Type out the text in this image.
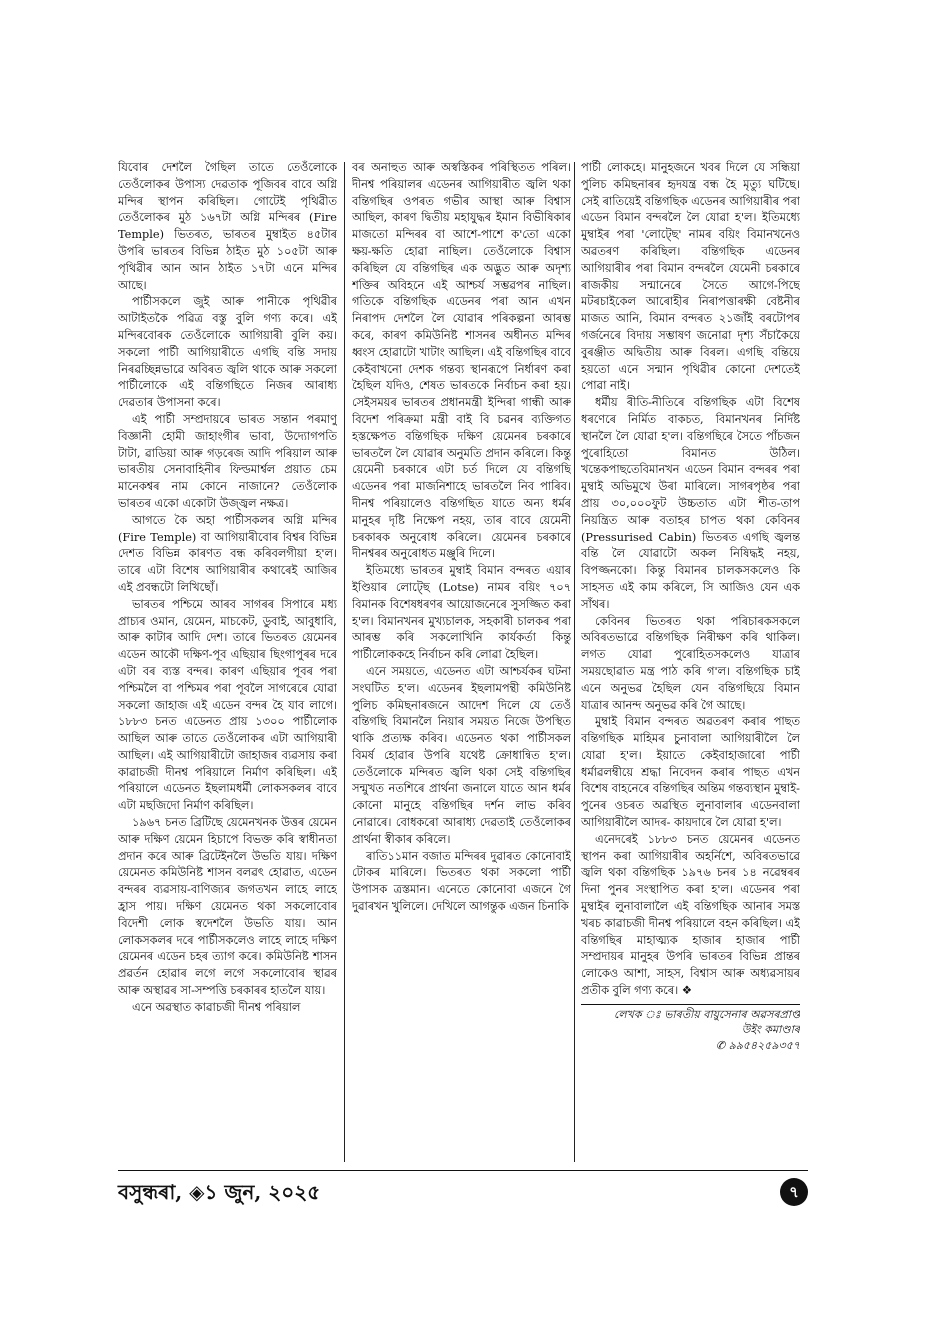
যিবোৰ দেশলৈ গৈছিল তাতে তেওঁলোকে তেওঁলোকৰ উপাস্য দেৱতাক পূজিবৰ বাবে অগ্নি মন্দিৰ স্থাপন কৰিছিল। গোটেই পৃথিৱীত তেওঁলোকৰ মুঠ ১৬৭টা অগ্নি মন্দিৰৰ (Fire Temple) ভিতৰত, ভাৰতৰ মুম্বাইত ৪৫টাৰ উপৰি ভাৰতৰ বিভিন্ন ঠাইত মুঠ ১০৫টা আৰু পৃথিৱীৰ আন আন ঠাইত ১৭টা এনে মন্দিৰ আছে।

পাৰ্চীসকলে জুই আৰু পানীকে পৃথিৱীৰ আটাইতকৈ পৱিত্ৰ বস্তু বুলি গণ্য কৰে। এই মন্দিৰবোৰক তেওঁলোকে আগিয়াৰী বুলি কয়। সকলো পাৰ্চী আগিয়াৰীতে এগছি বন্তি সদায় নিৰৱচ্ছিন্নভাৱে অবিৰত জ্বলি থাকে আৰু সকলো পাৰ্চীলোকে এই বন্তিগছিতে নিজৰ আৰাধ্য দেৱতাৰ উপাসনা কৰে।

এই পাৰ্চী সম্প্ৰদায়ৰে ভাৰত সন্তান পৰমাণু বিজ্ঞানী হোমী জাহাংগীৰ ভাবা, উদ্যোগপতি টাটা, ৱাডিয়া আৰু গড়ৰেজ আদি পৰিয়াল আৰু ভাৰতীয় সেনাবাহিনীৰ ফিল্ডমাৰ্শ্বল প্ৰয়াত চেম মানেকশ্বৰ নাম কোনে নাজানে? তেওঁলোক ভাৰতৰ একো একোটা উজ্জ্বল নক্ষত্ৰ।

আগতে কৈ অহা পাৰ্চীসকলৰ অগ্নি মন্দিৰ (Fire Temple) বা আগিয়াৰীবোৰ বিশ্বৰ বিভিন্ন দেশত বিভিন্ন কাৰণত বন্ধ কৰিবলগীয়া হ'ল। তাৰে এটা বিশেষ আগিয়াৰীৰ কথাৰেই আজিৰ এই প্ৰবন্ধটো লিখিছোঁ।

ভাৰতৰ পশ্চিমে আৰব সাগৰৰ সিপাৰে মধ্য প্ৰাচ্যৰ ওমান, য়েমেন, মাচকেট, ডুবাই, আবুধাবি, আৰু কাটাৰ আদি দেশ। তাৰে ভিতৰত য়েমেনৰ এডেন আকৌ দক্ষিণ-পূব এছিয়াৰ ছিংগাপুৰৰ দৰে এটা বৰ ব্যস্ত বন্দৰ। কাৰণ এছিয়াৰ পূবৰ পৰা পশ্চিমলৈ বা পশ্চিমৰ পৰা পূবলৈ সাগৰেৰে যোৱা সকলো জাহাজ এই এডেন বন্দৰ হৈ যাব লাগে। ১৮৮৩ চনত এডেনত প্ৰায় ১৩০০ পাৰ্চীলোক আছিল আৰু তাতে তেওঁলোকৰ এটা আগিয়াৰী আছিল। এই আগিয়াৰীটো জাহাজৰ ব্যৱসায় কৰা কাৱাচজী দীনশ্ব পৰিয়ালে নিৰ্মাণ কৰিছিল। এই পৰিয়ালে এডেনত ইছলামধৰ্মী লোকসকলৰ বাবে এটা মছজিদো নিৰ্মাণ কৰিছিল।

১৯৬৭ চনত ব্ৰিটিছে য়েমেনখনক উত্তৰ য়েমেন আৰু দক্ষিণ য়েমেন হিচাপে বিভক্ত কৰি স্বাধীনতা প্ৰদান কৰে আৰু ব্ৰিটেইনলৈ উভতি যায়। দক্ষিণ য়েমেনত কমিউনিষ্ট শাসন বলৱৎ হোৱাত, এডেন বন্দৰৰ ব্যৱসায়-বাণিজ্যৰ জগতখন লাহে লাহে হ্ৰাস পায়। দক্ষিণ য়েমেনত থকা সকলোবোৰ বিদেশী লোক স্বদেশলৈ উভতি যায়। আন লোকসকলৰ দৰে পাৰ্চীসকলেও লাহে লাহে দক্ষিণ য়েমেনৰ এডেন চহৰ ত্যাগ কৰে। কমিউনিষ্ট শাসন প্ৰৱৰ্তন হোৱাৰ লগে লগে সকলোবোৰ স্থাৱৰ আৰু অস্থাৱৰ সা-সম্পত্তি চৰকাৰৰ হাতলৈ যায়।

এনে অৱস্থাত কাৱাচজী দীনশ্ব পৰিয়াল

বৰ অনাহুত আৰু অস্বস্তিকৰ পৰিস্থিতত পৰিল। দীনশ্ব পৰিয়ালৰ এডেনৰ আগিয়াৰীত জ্বলি থকা বন্তিগছিৰ ওপৰত গভীৰ আস্থা আৰু বিশ্বাস আছিল, কাৰণ দ্বিতীয় মহাযুদ্ধৰ ইমান বিভীষিকাৰ মাজতো মন্দিৰৰ বা আশে-পাশে ক'তো একো ক্ষয়-ক্ষতি হোৱা নাছিল। তেওঁলোকে বিশ্বাস কৰিছিল যে বন্তিগছিৰ এক অদ্ভুত আৰু অদৃশ্য শক্তিৰ অবিহনে এই আশ্চৰ্য সম্ভৱপৰ নাছিল। গতিকে বন্তিগছিক এডেনৰ পৰা আন এখন নিৰাপদ দেশলৈ লৈ যোৱাৰ পৰিকল্পনা আৰম্ভ কৰে, কাৰণ কমিউনিষ্ট শাসনৰ অধীনত মন্দিৰ ধ্বংস হোৱাটো খাটাং আছিল। এই বন্তিগছিৰ বাবে কেইবাখনো দেশক গন্তব্য স্থানৰূপে নিৰ্ধাৰণ কৰা হৈছিল যদিও, শেষত ভাৰতকে নিৰ্বাচন কৰা হয়। সেইসময়ৰ ভাৰতৰ প্ৰধানমন্ত্ৰী ইন্দিৰা গান্ধী আৰু বিদেশ পৰিক্ৰমা মন্ত্ৰী বাই বি চৱনৰ ব্যক্তিগত হস্তক্ষেপত বন্তিগছিক দক্ষিণ য়েমেনৰ চৰকাৰে ভাৰতলৈ লৈ যোৱাৰ অনুমতি প্ৰদান কৰিলে। কিন্তু য়েমেনী চৰকাৰে এটা চৰ্ত দিলে যে বন্তিগছি এডেনৰ পৰা মাজনিশাহে ভাৰতলৈ নিব পাৰিব। দীনশ্ব পৰিয়ালেও বন্তিগছিত যাতে অন্য ধৰ্মৰ মানুহৰ দৃষ্টি নিক্ষেপ নহয়, তাৰ বাবে য়েমেনী চৰকাৰক অনুৰোধ কৰিলে। য়েমেনৰ চৰকাৰে দীনশ্বৰৰ অনুৰোধত মঞ্জুৰি দিলে।

ইতিমধ্যে ভাৰতৰ মুম্বাই বিমান বন্দৰত এয়াৰ ইণ্ডিয়াৰ লোট্ছে (Lotse) নামৰ বয়িং ৭০৭ বিমানক বিশেষধৰণৰ আয়োজনেৰে সুসজ্জিত কৰা হ'ল। বিমানখনৰ মুখ্যচালক, সহকাৰী চালকৰ পৰা আৰম্ভ কৰি সকলোখিনি কাৰ্যকৰ্তা কিন্তু পাৰ্চীলোককহে নিৰ্বাচন কৰি লোৱা হৈছিল।

এনে সময়তে, এডেনত এটা আশ্চৰ্যকৰ ঘটনা সংঘটিত হ'ল। এডেনৰ ইছলামপন্থী কমিউনিষ্ট পুলিচ কমিছনাৰজনে আদেশ দিলে যে তেওঁ বন্তিগছি বিমানলৈ নিয়াৰ সময়ত নিজে উপস্থিত থাকি প্ৰত্যক্ষ কৰিব। এডেনত থকা পাৰ্চীসকল বিমৰ্ষ হোৱাৰ উপৰি যথেষ্ট ক্ৰোধান্বিত হ'ল। তেওঁলোকে মন্দিৰত জ্বলি থকা সেই বন্তিগছিৰ সন্মুখত নতশিৰে প্ৰাৰ্থনা জনালে যাতে আন ধৰ্মৰ কোনো মানুহে বন্তিগছিৰ দৰ্শন লাভ কৰিব নোৱাৰে। বোধকৰো আৰাধ্য দেৱতাই তেওঁলোকৰ প্ৰাৰ্থনা স্বীকাৰ কৰিলে।

ৰাতি১১মান বজাত মন্দিৰৰ দুৱাৰত কোনোবাই টোকৰ মাৰিলে। ভিতৰত থকা সকলো পাৰ্চী উপাসক ত্ৰস্তমান। এনেতে কোনোবা এজনে গৈ দুৱাৰখন খুলিলে। দেখিলে আগন্তুক এজন চিনাকি

পাৰ্চী লোকহে। মানুহজনে খবৰ দিলে যে সন্ধিয়া পুলিচ কমিছনাৰৰ হৃদযন্ত্ৰ বন্ধ হৈ মৃত্যু ঘটিছে। সেই ৰাতিয়েই বন্তিগছিক এডেনৰ আগিয়াৰীৰ পৰা এডেন বিমান বন্দৰলৈ লৈ যোৱা হ'ল। ইতিমধ্যে মুম্বাইৰ পৰা 'লোট্ছে' নামৰ বয়িং বিমানখনেও অৱতৰণ কৰিছিল। বন্তিগছিক এডেনৰ আগিয়াৰীৰ পৰা বিমান বন্দৰলৈ যেমেনী চৰকাৰে ৰাজকীয় সন্মানেৰে সৈতে আগে-পিছে মটৰচাইকেল আৰোহীৰ নিৰাপত্তাৰক্ষী বেষ্টনীৰ মাজত আনি, বিমান বন্দৰত ২১জাঁই বৰটোপৰ গৰ্জনেৰে বিদায় সম্ভাষণ জনোৱা দৃশ্য সঁচাকৈয়ে বুৰঞ্জীত অদ্বিতীয় আৰু বিৰল। এগছি বন্তিয়ে হয়তো এনে সন্মান পৃথিৱীৰ কোনো দেশতেই পোৱা নাই।

ধৰ্মীয় ৰীতি-নীতিৰে বন্তিগছিক এটা বিশেষ ধৰণেৰে নিৰ্মিত বাকচত, বিমানখনৰ নিৰ্দিষ্ট স্থানলৈ লৈ যোৱা হ'ল। বন্তিগছিৰে সৈতে পাঁচজন পুৰোহিতো বিমানত উঠিল। খন্তেকপাছতেবিমানখন এডেন বিমান বন্দৰৰ পৰা মুম্বাই অভিমুখে উৰা মাৰিলে। সাগৰপৃষ্ঠৰ পৰা প্ৰায় ৩০,০০০ফুট উচ্চতাত এটা শীত-তাপ নিয়ন্ত্ৰিত আৰু বতাহৰ চাপত থকা কেবিনৰ (Pressurised Cabin) ভিতৰত এগছি জ্বলন্ত বন্তি লৈ যোৱাটো অকল নিষিদ্ধই নহয়, বিপজ্জনকো। কিন্তু বিমানৰ চালকসকলেও কি সাহসত এই কাম কৰিলে, সি আজিও যেন এক সাঁথৰ।

কেবিনৰ ভিতৰত থকা পৰিচাৰকসকলে অবিৰতভাৱে বন্তিগছিক নিৰীক্ষণ কৰি থাকিল। লগত যোৱা পুৰোহিতসকলেও যাত্ৰাৰ সময়ছোৱাত মন্ত্ৰ পাঠ কৰি গ'ল। বন্তিগছিক চাই এনে অনুভৱ হৈছিল যেন বন্তিগছিয়ে বিমান যাত্ৰাৰ আনন্দ অনুভৱ কৰি গৈ আছে।

মুম্বাই বিমান বন্দৰত অৱতৰণ কৰাৰ পাছত বন্তিগছিক মাহিমৰ চুনাবালা আগিয়াৰীলৈ লৈ যোৱা হ'ল। ইয়াতে কেইবাহাজাৰো পাৰ্চী ধৰ্মাৱলম্বীয়ে শ্ৰদ্ধা নিবেদন কৰাৰ পাছত এখন বিশেষ বাহনেৰে বন্তিগছিৰ অন্তিম গন্তব্যস্থান মুম্বাই-পুনেৰ ওচৰত অৱস্থিত লুনাবালাৰ এডেনবালা আগিয়াৰীলৈ আদৰ- কায়দাৰে লৈ যোৱা হ'ল।

এনেদৰেই ১৮৮৩ চনত য়েমেনৰ এডেনত স্থাপন কৰা আগিয়াৰীৰ অহৰ্নিশে, অবিৰতভাৱে জ্বলি থকা বন্তিগছিক ১৯৭৬ চনৰ ১৪ নৱেম্বৰৰ দিনা পুনৰ সংস্থাপিত কৰা হ'ল। এডেনৰ পৰা মুম্বাইৰ লুনাবালালৈ এই বন্তিগছিক আনাৰ সমস্ত খৰচ কাৱাচজী দীনশ্ব পৰিয়ালে বহন কৰিছিল। এই বন্তিগছিৰ মাহাত্ম্যক হাজাৰ হাজাৰ পাৰ্চী সম্প্ৰদায়ৰ মানুহৰ উপৰি ভাৰতৰ বিভিন্ন প্ৰান্তৰ লোকেও আশা, সাহস, বিশ্বাস আৰু অধ্যৱসায়ৰ প্ৰতীক বুলি গণ্য কৰে। ❖

লেখক ঃ ভাৰতীয় বায়ুসেনাৰ অৱসৰপ্ৰাপ্ত
উইং কমাণ্ডাৰ
✆ ৯৯৫৪২৫৯৩৫৭
বসুন্ধৰা, ◈১ জুন, ২০২৫	৭
